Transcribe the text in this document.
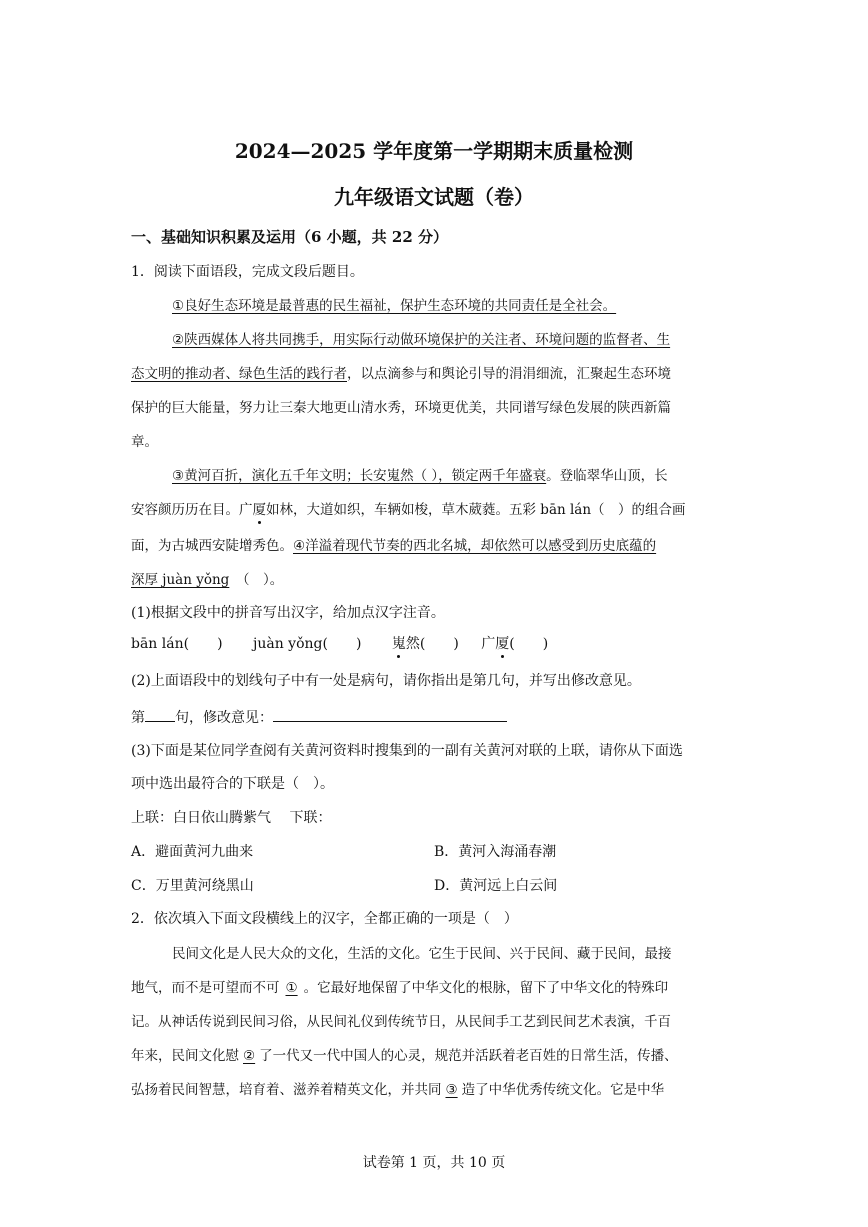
2024—2025 学年度第一学期期末质量检测
九年级语文试题（卷）
一、基础知识积累及运用（6 小题，共 22 分）
1．阅读下面语段，完成文段后题目。
①良好生态环境是最普惠的民生福祉，保护生态环境的共同责任是全社会。
②陕西媒体人将共同携手，用实际行动做环境保护的关注者、环境问题的监督者、生
态文明的推动者、绿色生活的践行者，以点滴参与和舆论引导的涓涓细流，汇聚起生态环境
保护的巨大能量，努力让三秦大地更山清水秀，环境更优美，共同谱写绿色发展的陕西新篇
章。
③黄河百折，演化五千年文明；长安嵬然（ ），锁定两千年盛衰。登临翠华山顶，长
安容颜历历在目。广厦如林，大道如织，车辆如梭，草木葳蕤。五彩 bān lán（　）的组合画
面，为古城西安陡增秀色。④洋溢着现代节奏的西北名城，却依然可以感受到历史底蕴的
深厚 juàn yǒng　（　）。
(1)根据文段中的拼音写出汉字，给加点汉字注音。
bān lán(　　) juàn yǒng(　　) 嵬然(　　) 广厦(　　)
(2)上面语段中的划线句子中有一处是病句，请你指出是第几句，并写出修改意见。
第 句，修改意见：
(3)下面是某位同学查阅有关黄河资料时搜集到的一副有关黄河对联的上联，请你从下面选
项中选出最符合的下联是（　）。
上联：白日依山腾紫气　 下联：
A．避面黄河九曲来	B．黄河入海涌春潮
C．万里黄河绕黑山	D．黄河远上白云间
2．依次填入下面文段横线上的汉字，全都正确的一项是（　）
民间文化是人民大众的文化，生活的文化。它生于民间、兴于民间、藏于民间，最接
地气，而不是可望而不可 ① 。它最好地保留了中华文化的根脉，留下了中华文化的特殊印
记。从神话传说到民间习俗，从民间礼仪到传统节日，从民间手工艺到民间艺术表演，千百
年来，民间文化慰 ② 了一代又一代中国人的心灵，规范并活跃着老百姓的日常生活，传播、
弘扬着民间智慧，培育着、滋养着精英文化，并共同 ③ 造了中华优秀传统文化。它是中华
试卷第 1 页，共 10 页
